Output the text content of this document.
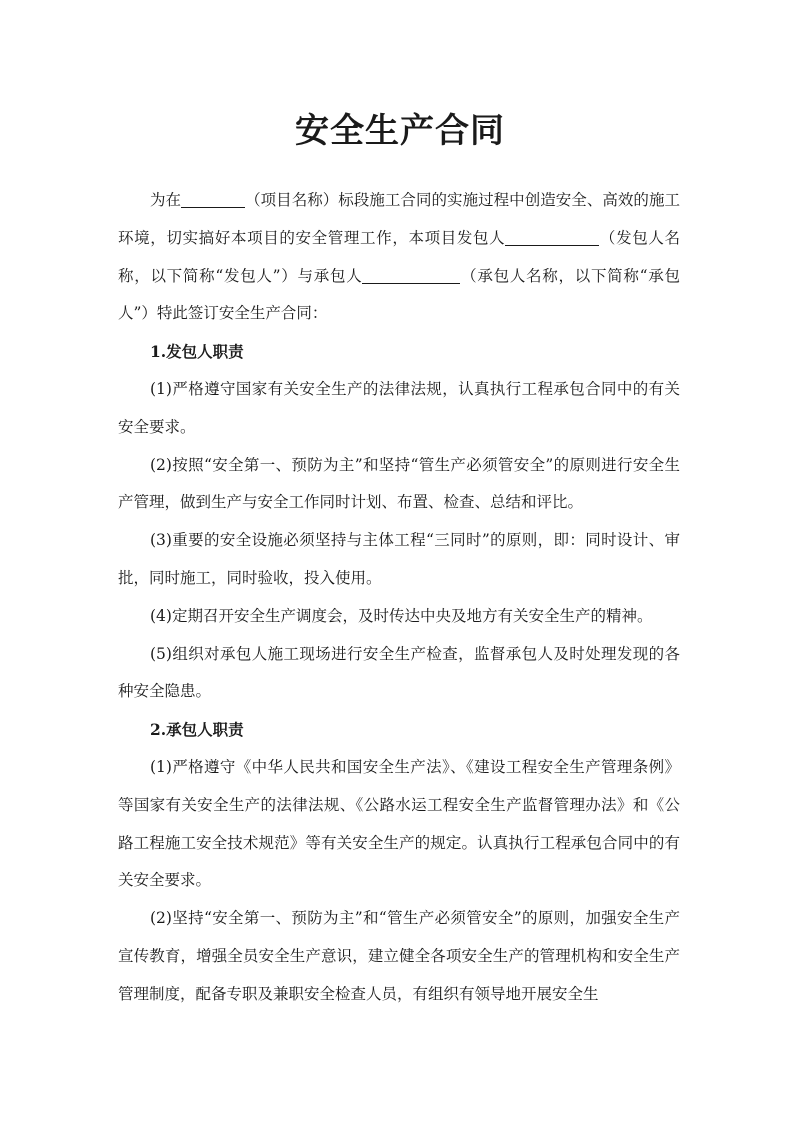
安全生产合同

为在	（项目名称）标段施工合同的实施过程中创造安全、高效的施工环境，切实搞好本项目的安全管理工作，本项目发包人	（发包人名称，以下简称“发包人”）与承包人	（承包人名称，以下简称“承包人”）特此签订安全生产合同：

1.发包人职责

(1)严格遵守国家有关安全生产的法律法规，认真执行工程承包合同中的有关安全要求。

(2)按照“安全第一、预防为主”和坚持“管生产必须管安全”的原则进行安全生产管理，做到生产与安全工作同时计划、布置、检查、总结和评比。

(3)重要的安全设施必须坚持与主体工程“三同时”的原则，即：同时设计、审批，同时施工，同时验收，投入使用。

(4)定期召开安全生产调度会，及时传达中央及地方有关安全生产的精神。

(5)组织对承包人施工现场进行安全生产检查，监督承包人及时处理发现的各种安全隐患。

2.承包人职责

(1)严格遵守《中华人民共和国安全生产法》、《建设工程安全生产管理条例》等国家有关安全生产的法律法规、《公路水运工程安全生产监督管理办法》和《公路工程施工安全技术规范》等有关安全生产的规定。认真执行工程承包合同中的有关安全要求。

(2)坚持“安全第一、预防为主”和“管生产必须管安全”的原则，加强安全生产宣传教育，增强全员安全生产意识，建立健全各项安全生产的管理机构和安全生产管理制度，配备专职及兼职安全检查人员，有组织有领导地开展安全生
